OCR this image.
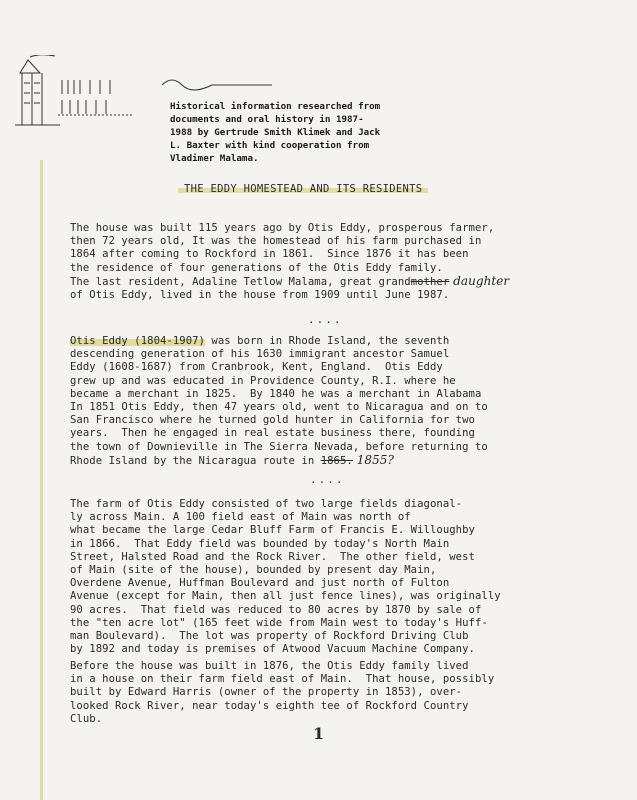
Historical information researched from

documents and oral history in 1987-

1988 by Gertrude Smith Klimek and Jack

L. Baxter with kind cooperation from

Vladimer Malama.

THE EDDY HOMESTEAD AND ITS RESIDENTS
The house was built 115 years ago by Otis Eddy, prosperous farmer,
then 72 years old, It was the homestead of his farm purchased in
1864 after coming to Rockford in 1861.  Since 1876 it has been
the residence of four generations of the Otis Eddy family.
The last resident, Adaline Tetlow Malama, great grandmother daughter
of Otis Eddy, lived in the house from 1909 until June 1987.
....
Otis Eddy (1804-1907) was born in Rhode Island, the seventh
descending generation of his 1630 immigrant ancestor Samuel
Eddy (1608-1687) from Cranbrook, Kent, England.  Otis Eddy
grew up and was educated in Providence County, R.I. where he
became a merchant in 1825.  By 1840 he was a merchant in Alabama
In 1851 Otis Eddy, then 47 years old, went to Nicaragua and on to
San Francisco where he turned gold hunter in California for two
years.  Then he engaged in real estate business there, founding
the town of Downieville in The Sierra Nevada, before returning to
Rhode Island by the Nicaragua route in 1865. 1855?
....
The farm of Otis Eddy consisted of two large fields diagonal-
ly across Main. A 100 field east of Main was north of
what became the large Cedar Bluff Farm of Francis E. Willoughby
in 1866.  That Eddy field was bounded by today's North Main
Street, Halsted Road and the Rock River.  The other field, west
of Main (site of the house), bounded by present day Main,
Overdene Avenue, Huffman Boulevard and just north of Fulton
Avenue (except for Main, then all just fence lines), was originally
90 acres.  That field was reduced to 80 acres by 1870 by sale of
the "ten acre lot" (165 feet wide from Main west to today's Huff-
man Boulevard).  The lot was property of Rockford Driving Club
by 1892 and today is premises of Atwood Vacuum Machine Company.
Before the house was built in 1876, the Otis Eddy family lived
in a house on their farm field east of Main.  That house, possibly
built by Edward Harris (owner of the property in 1853), over-
looked Rock River, near today's eighth tee of Rockford Country
Club.
1
